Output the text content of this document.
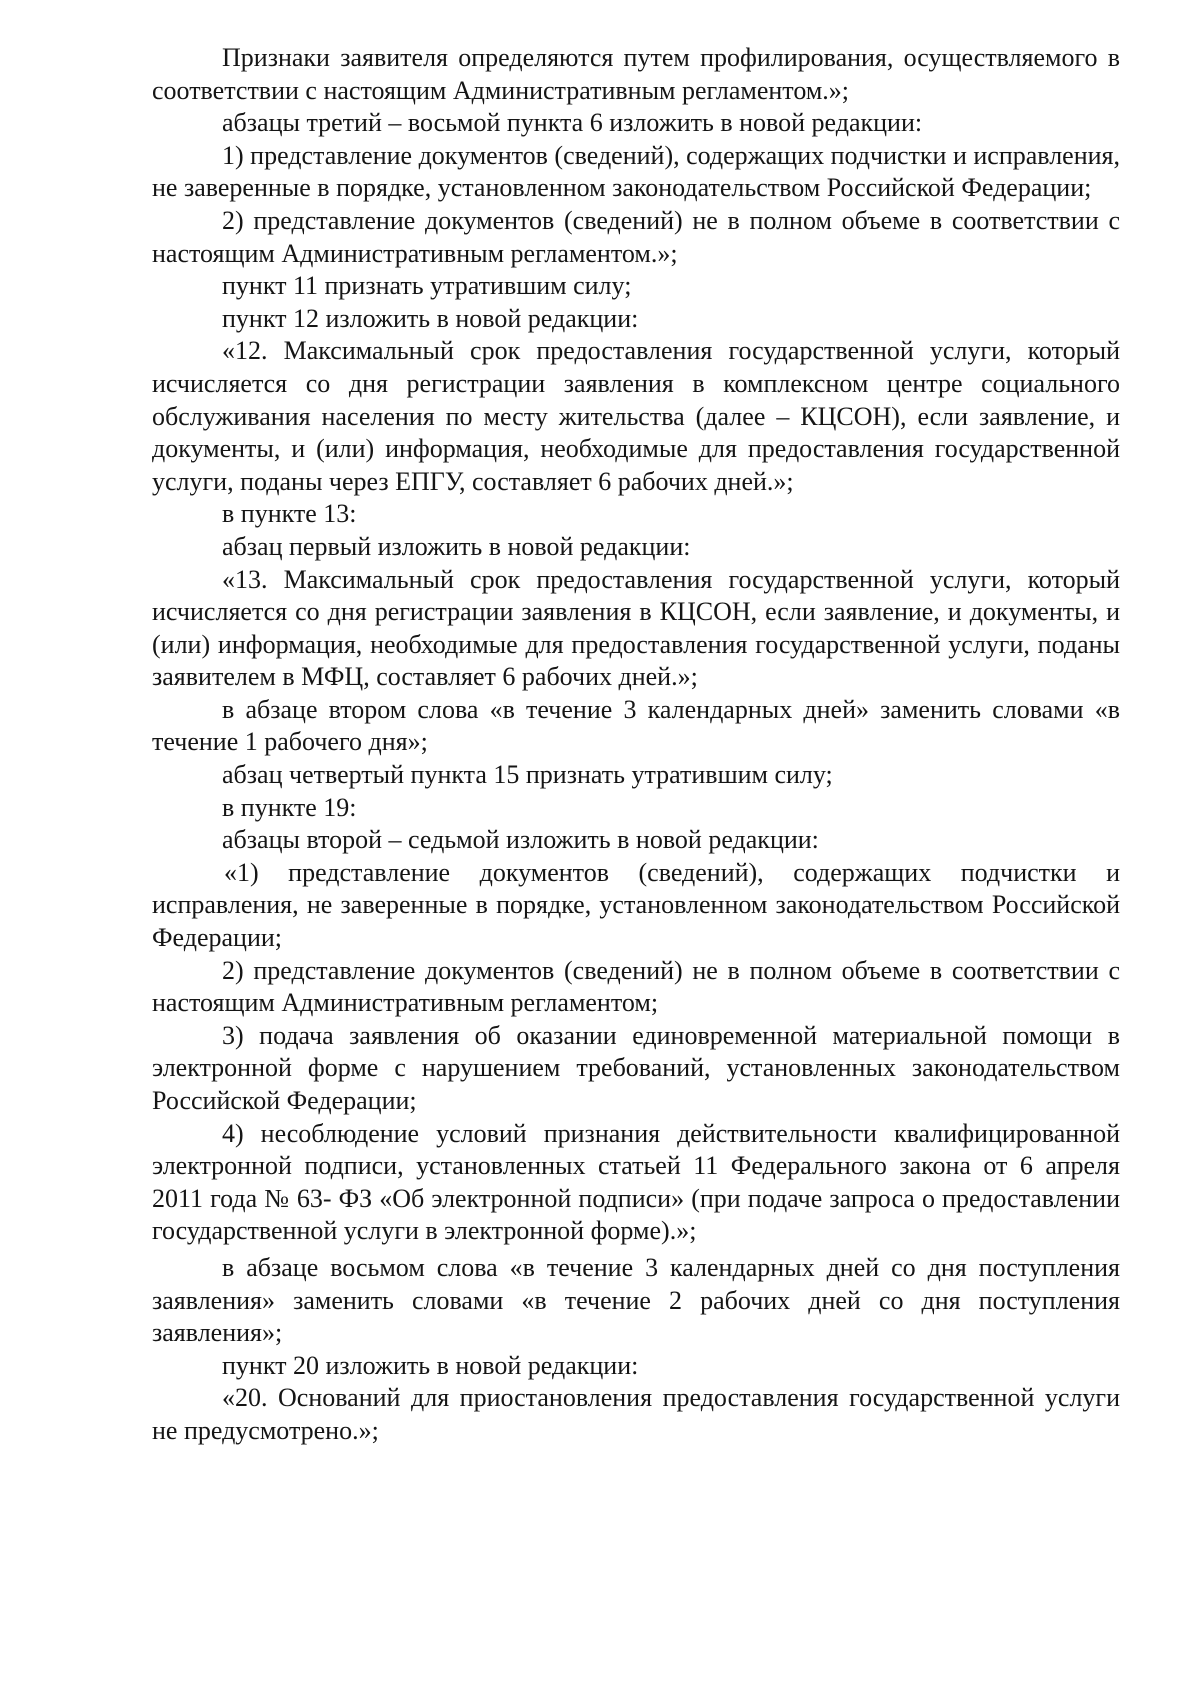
Признаки заявителя определяются путем профилирования, осуществляемого в соответствии с настоящим Административным регламентом.»;

абзацы третий – восьмой пункта 6 изложить в новой редакции:

1) представление документов (сведений), содержащих подчистки и исправления, не заверенные в порядке, установленном законодательством Российской Федерации;

2) представление документов (сведений) не в полном объеме в соответствии с настоящим Административным регламентом.»;

пункт 11 признать утратившим силу;

пункт 12 изложить в новой редакции:

«12. Максимальный срок предоставления государственной услуги, который исчисляется со дня регистрации заявления в комплексном центре социального обслуживания населения по месту жительства (далее – КЦСОН), если заявление, и документы, и (или) информация, необходимые для предоставления государственной услуги, поданы через ЕПГУ, составляет 6 рабочих дней.»;

в пункте 13:

абзац первый изложить в новой редакции:

«13. Максимальный срок предоставления государственной услуги, который исчисляется со дня регистрации заявления в КЦСОН, если заявление, и документы, и (или) информация, необходимые для предоставления государственной услуги, поданы заявителем в МФЦ, составляет 6 рабочих дней.»;

в абзаце втором слова «в течение 3 календарных дней» заменить словами «в течение 1 рабочего дня»;

абзац четвертый пункта 15 признать утратившим силу;

в пункте 19:

абзацы второй – седьмой изложить в новой редакции:

«1) представление документов (сведений), содержащих подчистки и исправления, не заверенные в порядке, установленном законодательством Российской Федерации;

2) представление документов (сведений) не в полном объеме в соответствии с настоящим Административным регламентом;

3) подача заявления об оказании единовременной материальной помощи в электронной форме с нарушением требований, установленных законодательством Российской Федерации;

4) несоблюдение условий признания действительности квалифицированной электронной подписи, установленных статьей 11 Федерального закона от 6 апреля 2011 года № 63- ФЗ «Об электронной подписи» (при подаче запроса о предоставлении государственной услуги в электронной форме).»;

в абзаце восьмом слова «в течение 3 календарных дней со дня поступления заявления» заменить словами «в течение 2 рабочих дней со дня поступления заявления»;

пункт 20 изложить в новой редакции:

«20. Оснований для приостановления предоставления государственной услуги не предусмотрено.»;
